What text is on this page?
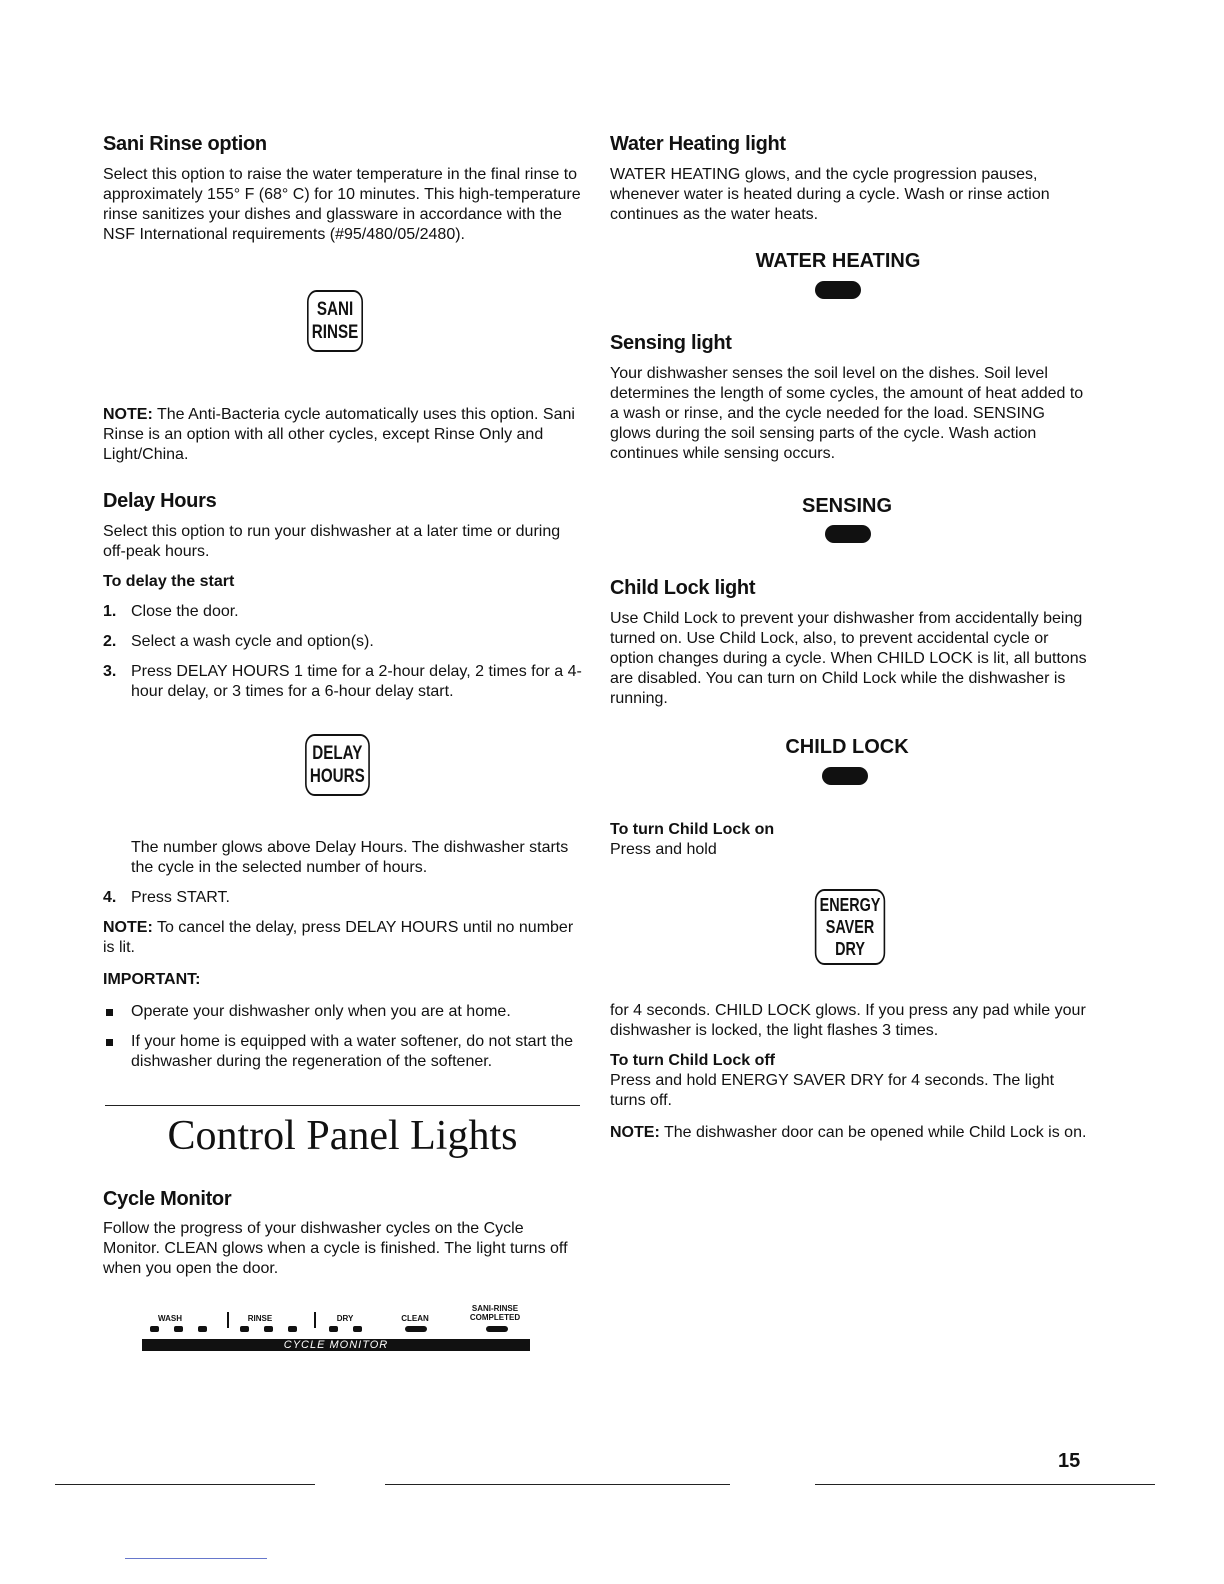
Sani Rinse option

Select this option to raise the water temperature in the final rinse to approximately 155° F (68° C) for 10 minutes. This high-temperature rinse sanitizes your dishes and glassware in accordance with the NSF International requirements (#95/480/05/2480).

SANI
RINSE

NOTE: The Anti-Bacteria cycle automatically uses this option. Sani Rinse is an option with all other cycles, except Rinse Only and Light/China.

Delay Hours

Select this option to run your dishwasher at a later time or during off-peak hours.

To delay the start
1. Close the door.
2. Select a wash cycle and option(s).
3. Press DELAY HOURS 1 time for a 2-hour delay, 2 times for a 4-hour delay, or 3 times for a 6-hour delay start.
DELAY
HOURS

The number glows above Delay Hours. The dishwasher starts the cycle in the selected number of hours.

4. Press START.

NOTE: To cancel the delay, press DELAY HOURS until no number is lit.

IMPORTANT:
Operate your dishwasher only when you are at home.
If your home is equipped with a water softener, do not start the dishwasher during the regeneration of the softener.
Control Panel Lights
Cycle Monitor

Follow the progress of your dishwasher cycles on the Cycle Monitor. CLEAN glows when a cycle is finished. The light turns off when you open the door.

WASH	RINSE	DRY	CLEAN
SANI-RINSE
COMPLETED
CYCLE MONITOR
Water Heating light

WATER HEATING glows, and the cycle progression pauses, whenever water is heated during a cycle. Wash or rinse action continues as the water heats.

WATER HEATING
Sensing light

Your dishwasher senses the soil level on the dishes. Soil level determines the length of some cycles, the amount of heat added to a wash or rinse, and the cycle needed for the load. SENSING glows during the soil sensing parts of the cycle. Wash action continues while sensing occurs.

SENSING
Child Lock light

Use Child Lock to prevent your dishwasher from accidentally being turned on. Use Child Lock, also, to prevent accidental cycle or option changes during a cycle. When CHILD LOCK is lit, all buttons are disabled. You can turn on Child Lock while the dishwasher is running.

CHILD LOCK
To turn Child Lock on

Press and hold

ENERGY
SAVER
DRY

for 4 seconds. CHILD LOCK glows. If you press any pad while your dishwasher is locked, the light flashes 3 times.

To turn Child Lock off

Press and hold ENERGY SAVER DRY for 4 seconds. The light turns off.

NOTE: The dishwasher door can be opened while Child Lock is on.

15
